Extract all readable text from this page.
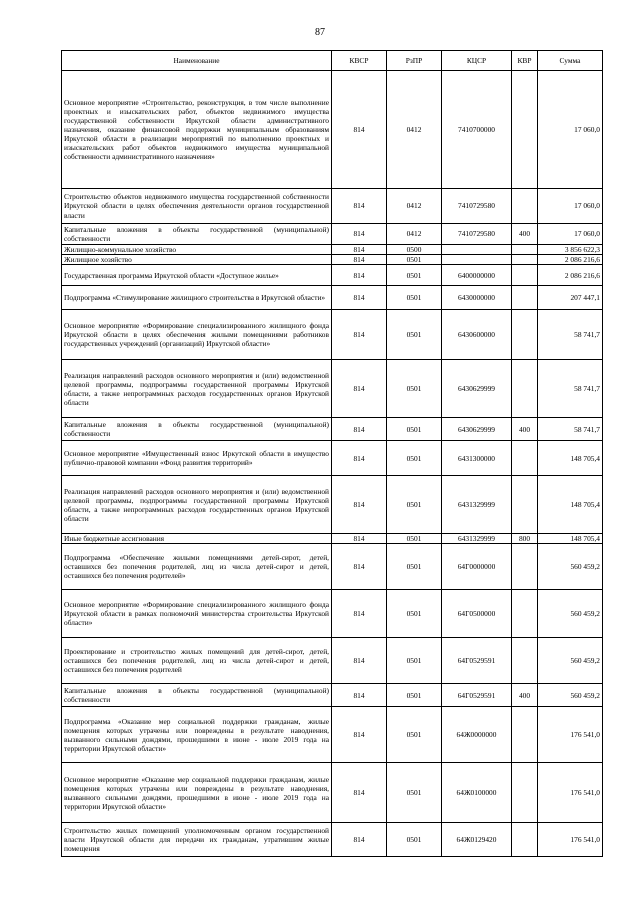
87
Наименование	КВСР	РзПР	КЦСР	КВР	Сумма
Основное мероприятие «Строительство, реконструкция, в том числе выполнение проектных и изыскательских работ, объектов недвижимого имущества государственной собственности Иркутской области административного назначения, оказание финансовой поддержки муниципальным образованиям Иркутской области в реализации мероприятий по выполнению проектных и изыскательских работ объектов недвижимого имущества муниципальной собственности административного назначения»	814	0412	7410700000		17 060,0
Строительство объектов недвижимого имущества государственной собственности Иркутской области в целях обеспечения деятельности органов государственной власти	814	0412	7410729580		17 060,0
Капитальные вложения в объекты государственной (муниципальной) собственности	814	0412	7410729580	400	17 060,0
Жилищно-коммунальное хозяйство	814	0500			3 856 622,3
Жилищное хозяйство	814	0501			2 086 216,6
Государственная программа Иркутской области «Доступное жилье»	814	0501	6400000000		2 086 216,6
Подпрограмма «Стимулирование жилищного строительства в Иркутской области»	814	0501	6430000000		207 447,1
Основное мероприятие «Формирование специализированного жилищного фонда Иркутской области в целях обеспечения жилыми помещениями работников государственных учреждений (организаций) Иркутской области»	814	0501	6430600000		58 741,7
Реализация направлений расходов основного мероприятия и (или) ведомственной целевой программы, подпрограммы государственной программы Иркутской области, а также непрограммных расходов государственных органов Иркутской области	814	0501	6430629999		58 741,7
Капитальные вложения в объекты государственной (муниципальной) собственности	814	0501	6430629999	400	58 741,7
Основное мероприятие «Имущественный взнос Иркутской области в имущество публично-правовой компании «Фонд развития территорий»	814	0501	6431300000		148 705,4
Реализация направлений расходов основного мероприятия и (или) ведомственной целевой программы, подпрограммы государственной программы Иркутской области, а также непрограммных расходов государственных органов Иркутской области	814	0501	6431329999		148 705,4
Иные бюджетные ассигнования	814	0501	6431329999	800	148 705,4
Подпрограмма «Обеспечение жилыми помещениями детей-сирот, детей, оставшихся без попечения родителей, лиц из числа детей-сирот и детей, оставшихся без попечения родителей»	814	0501	64Г0000000		560 459,2
Основное мероприятие «Формирование специализированного жилищного фонда Иркутской области в рамках полномочий министерства строительства Иркутской области»	814	0501	64Г0500000		560 459,2
Проектирование и строительство жилых помещений для детей-сирот, детей, оставшихся без попечения родителей, лиц из числа детей-сирот и детей, оставшихся без попечения родителей	814	0501	64Г0529591		560 459,2
Капитальные вложения в объекты государственной (муниципальной) собственности	814	0501	64Г0529591	400	560 459,2
Подпрограмма «Оказание мер социальной поддержки гражданам, жилые помещения которых утрачены или повреждены в результате наводнения, вызванного сильными дождями, прошедшими в июне - июле 2019 года на территории Иркутской области»	814	0501	64Ж0000000		176 541,0
Основное мероприятие «Оказание мер социальной поддержки гражданам, жилые помещения которых утрачены или повреждены в результате наводнения, вызванного сильными дождями, прошедшими в июне - июле 2019 года на территории Иркутской области»	814	0501	64Ж0100000		176 541,0
Строительство жилых помещений уполномоченным органом государственной власти Иркутской области для передачи их гражданам, утратившим жилые помещения	814	0501	64Ж0129420		176 541,0
